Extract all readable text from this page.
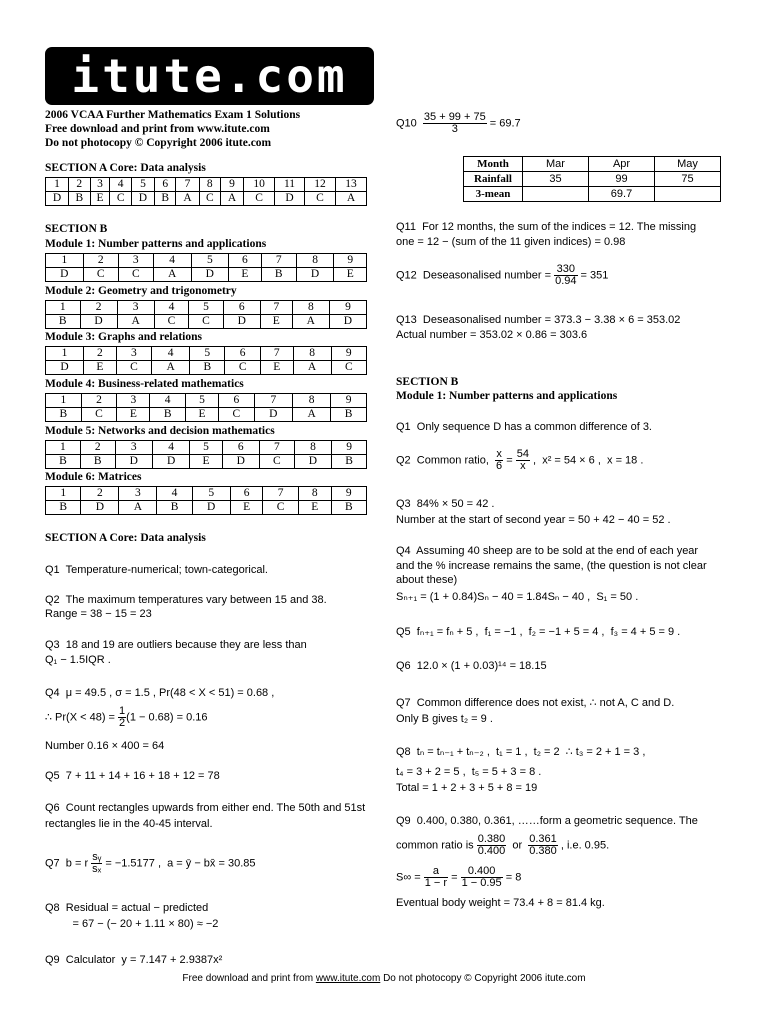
itute.com
2006 VCAA Further Mathematics Exam 1 Solutions
Free download and print from www.itute.com
Do not photocopy © Copyright 2006 itute.com
SECTION A Core: Data analysis
1	2	3	4	5	6	7	8	9	10	11	12	13
D	B	E	C	D	B	A	C	A	C	D	C	A
SECTION B
Module 1: Number patterns and applications
1	2	3	4	5	6	7	8	9
D	C	C	A	D	E	B	D	E
Module 2: Geometry and trigonometry
1	2	3	4	5	6	7	8	9
B	D	A	C	C	D	E	A	D
Module 3: Graphs and relations
1	2	3	4	5	6	7	8	9
D	E	C	A	B	C	E	A	C
Module 4: Business-related mathematics
1	2	3	4	5	6	7	8	9
B	C	E	B	E	C	D	A	B
Module 5: Networks and decision mathematics
1	2	3	4	5	6	7	8	9
B	B	D	D	E	D	C	D	B
Module 6: Matrices
1	2	3	4	5	6	7	8	9
B	D	A	B	D	E	C	E	B
SECTION A Core: Data analysis
Q1  Temperature-numerical; town-categorical.
Q2  The maximum temperatures vary between 15 and 38.
Range = 38 − 15 = 23
Q3  18 and 19 are outliers because they are less than
Q₁ − 1.5IQR .
Q4  μ = 49.5 , σ = 1.5 , Pr(48 < X < 51) = 0.68 ,
∴ $Pr(X < 48) = \frac{1}{2} (1 - 0.68) = 0.16$
Number 0.16 × 400 = 64
Q5  7 + 11 + 14 + 16 + 18 + 12 = 78
Q6  Count rectangles upwards from either end. The 50th and 51st
rectangles lie in the 40-45 interval.
Q7  b = r $\frac{\text{sᵧ}}{\text{sₓ}} = -1.5177$ ,  a = ȳ − bx̄ = 30.85
Q8  Residual = actual − predicted
= 67 − (− 20 + 1.11 × 80) ≈ −2
Q9  Calculator  y = 7.147 + 2.9387x²
$Q10 \frac{35 + 99 + 75}{3} = 69.7$
Month	Mar	Apr	May
Rainfall	35	99	75
3-mean		69.7	
Q11  For 12 months, the sum of the indices = 12. The missing
one = 12 − (sum of the 11 given indices) = 0.98
Q12  Deseasonalised number = $\frac{330}{0.94} = 351$
Q13  Deseasonalised number = 373.3 − 3.38 × 6 = 353.02
Actual number = 353.02 × 0.86 = 303.6
SECTION B
Module 1: Number patterns and applications
Q1  Only sequence D has a common difference of 3.
Q2  Common ratio, $\frac{x}{6} = \frac{54}{x}$ ,  x² = 54 × 6 ,  x = 18 .
Q3  84% × 50 = 42 .
Number at the start of second year = 50 + 42 − 40 = 52 .
Q4  Assuming 40 sheep are to be sold at the end of each year
and the % increase remains the same, (the question is not clear
about these)
Sₙ₊₁ = (1 + 0.84)Sₙ − 40 = 1.84Sₙ − 40 ,  S₁ = 50 .
Q5  fₙ₊₁ = fₙ + 5 ,  f₁ = −1 ,  f₂ = −1 + 5 = 4 ,  f₃ = 4 + 5 = 9 .
Q6  12.0 × (1 + 0.03)¹⁴ = 18.15
Q7  Common difference does not exist, ∴ not A, C and D.
Only B gives t₂ = 9 .
Q8  tₙ = tₙ₋₁ + tₙ₋₂ ,  t₁ = 1 ,  t₂ = 2  ∴ t₃ = 2 + 1 = 3 ,
t₄ = 3 + 2 = 5 ,  t₅ = 5 + 3 = 8 .
Total = 1 + 2 + 3 + 5 + 8 = 19
Q9  0.400, 0.380, 0.361, ……form a geometric sequence. The
common ratio is $\frac{0.380}{0.400}$ or $\frac{0.361}{0.380}$ , i.e. 0.95.
$S\infty = \frac{a}{1 - r} = \frac{0.400}{1 - 0.95} = 8$
Eventual body weight = 73.4 + 8 = 81.4 kg.
Free download and print from www.itute.com Do not photocopy © Copyright 2006 itute.com
